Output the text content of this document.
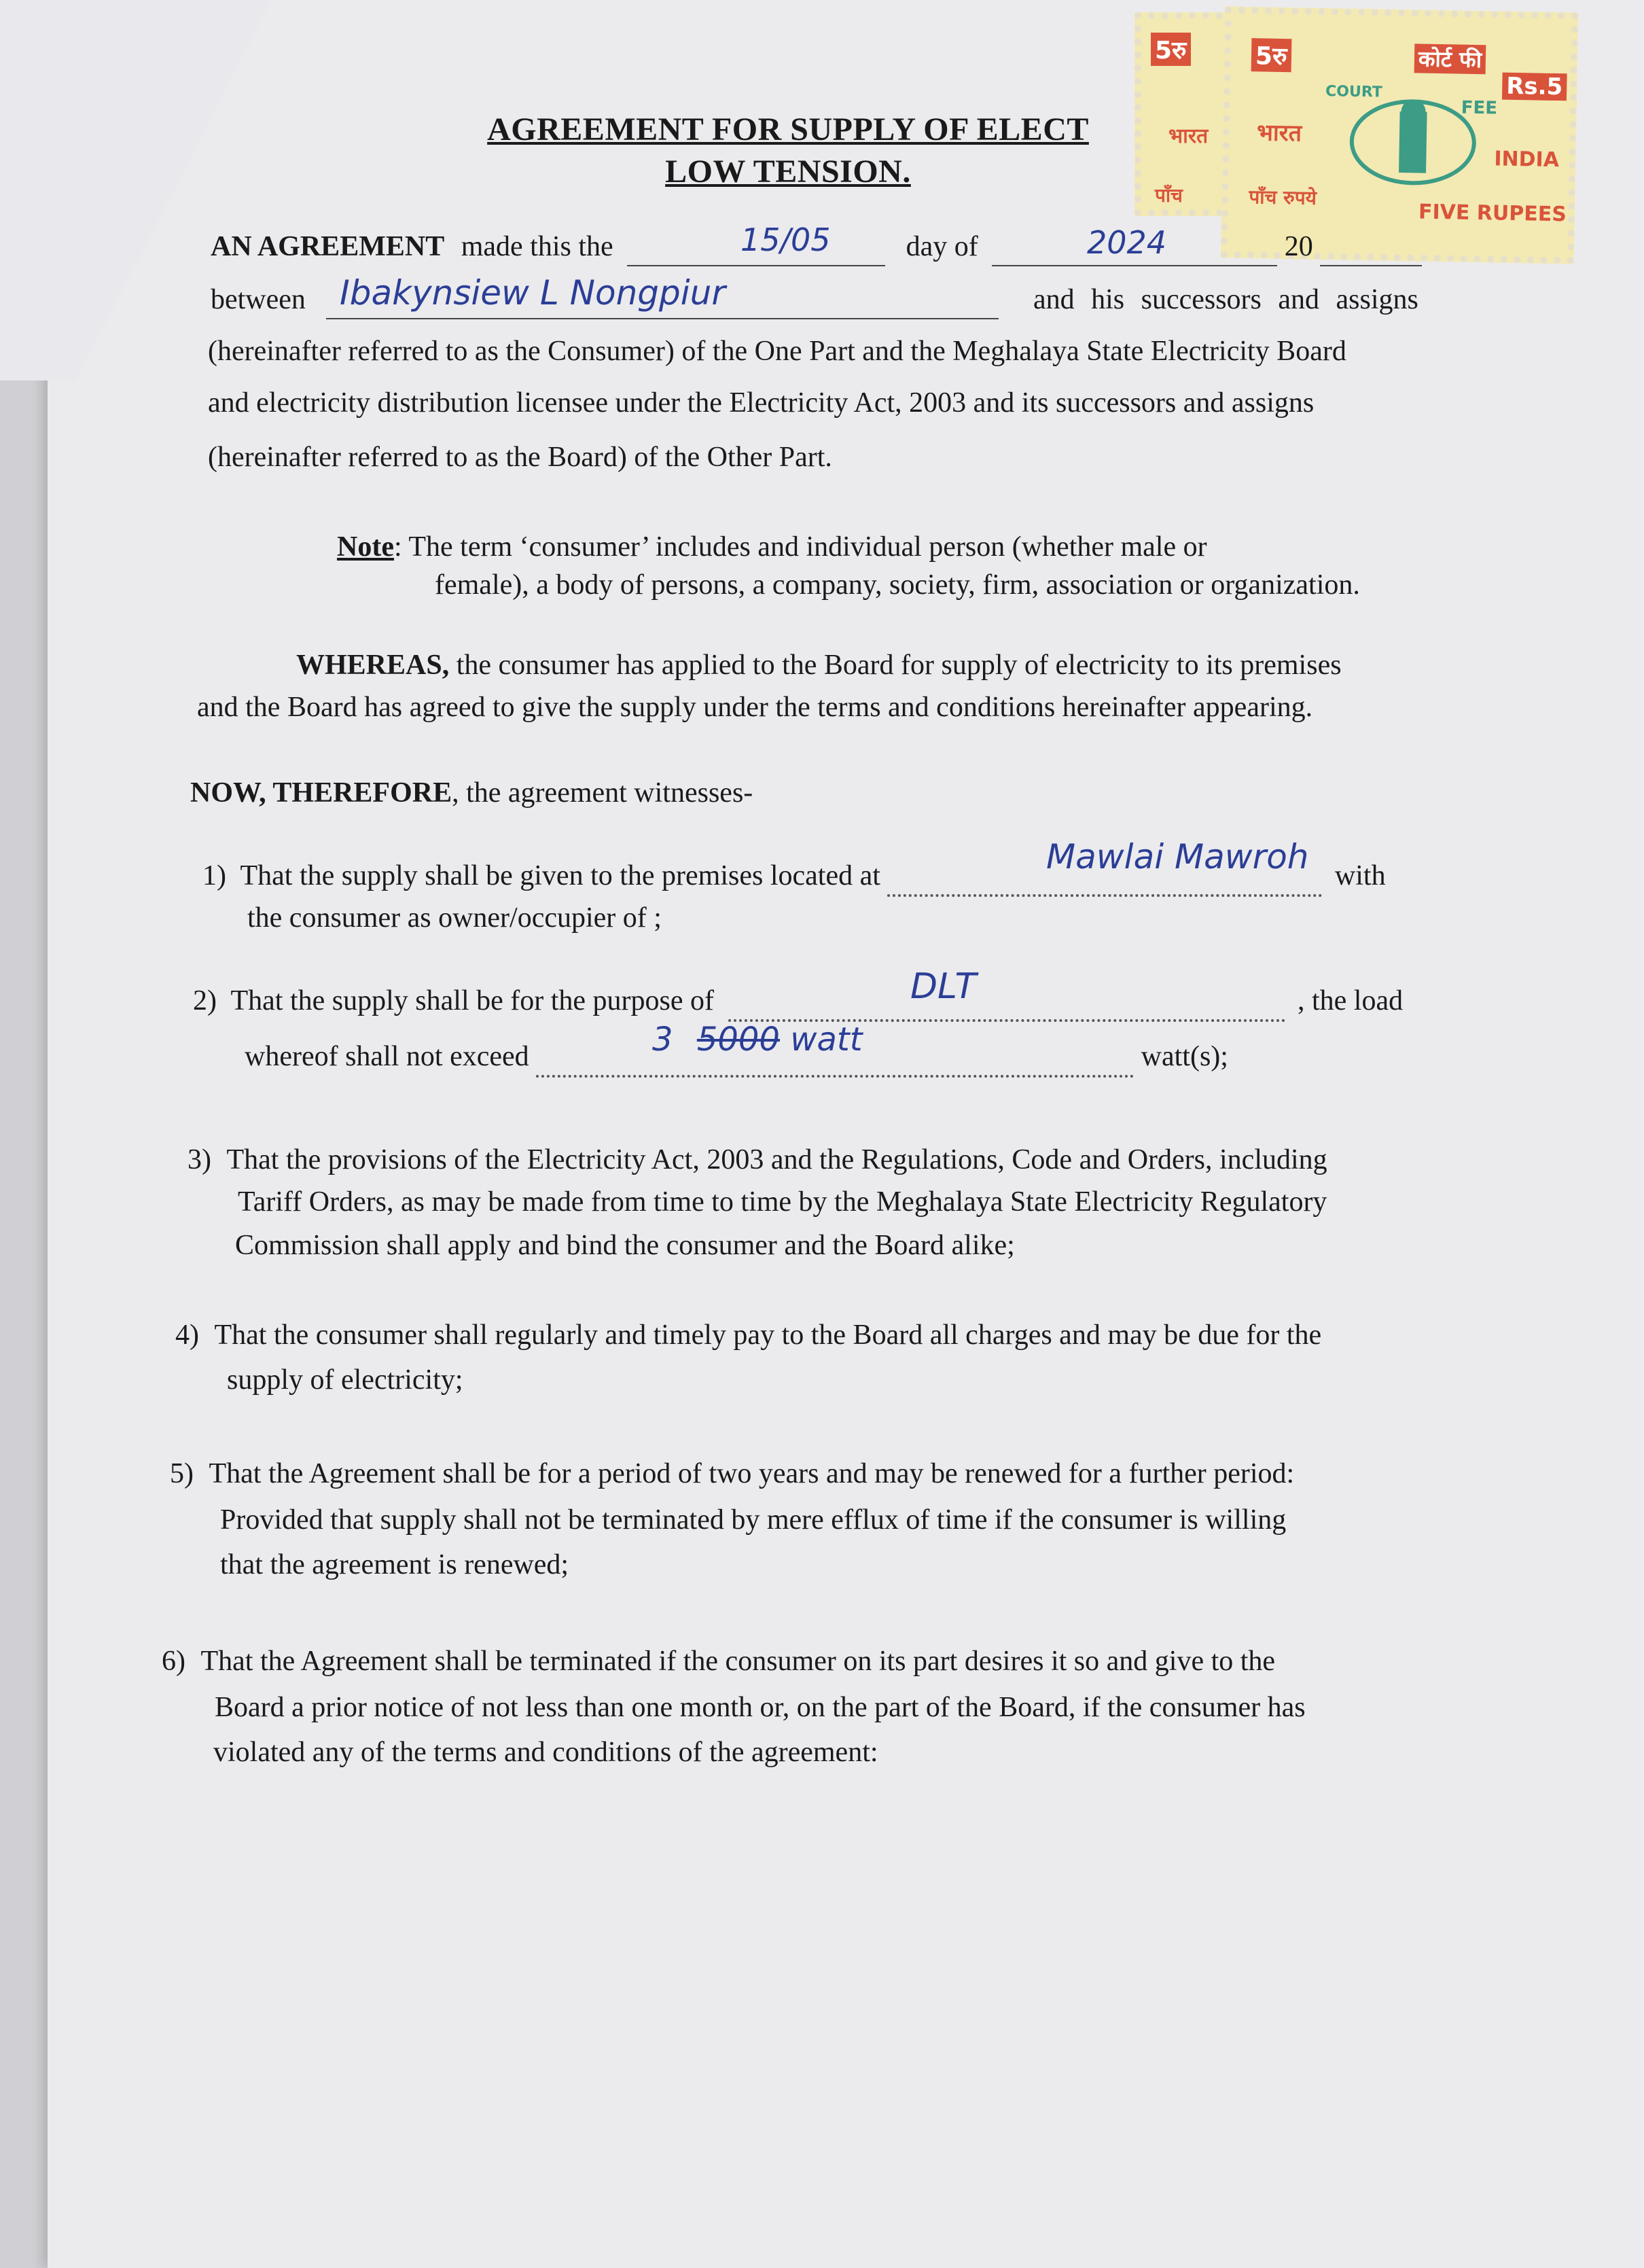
AGREEMENT FOR SUPPLY OF ELECT
LOW TENSION.
5रु
भारत
पाँच
5रु	कोर्ट फी
Rs.5
COURT
भारत
FEE
INDIA
पाँच रुपये
FIVE RUPEES
AN AGREEMENT made this the	day of	20
15/05	2024
between	and his successors and assigns
Ibakynsiew L Nongpiur
(hereinafter referred to as the Consumer) of the One Part and the Meghalaya State Electricity Board
and electricity distribution licensee under the Electricity Act, 2003 and its successors and assigns
(hereinafter referred to as the Board) of the Other Part.
Note: The term ‘consumer’ includes and individual person (whether male or
female), a body of persons, a company, society, firm, association or organization.
WHEREAS, the consumer has applied to the Board for supply of electricity to its premises
and the Board has agreed to give the supply under the terms and conditions hereinafter appearing.
NOW, THEREFORE, the agreement witnesses-
1) That the supply shall be given to the premises located at	with
Mawlai Mawroh
the consumer as owner/occupier of ;
2) That the supply shall be for the purpose of	, the load
DLT
whereof shall not exceed	watt(s);
3 5000 watt
3) That the provisions of the Electricity Act, 2003 and the Regulations, Code and Orders, including
Tariff Orders, as may be made from time to time by the Meghalaya State Electricity Regulatory
Commission shall apply and bind the consumer and the Board alike;
4) That the consumer shall regularly and timely pay to the Board all charges and may be due for the
supply of electricity;
5) That the Agreement shall be for a period of two years and may be renewed for a further period:
Provided that supply shall not be terminated by mere efflux of time if the consumer is willing
that the agreement is renewed;
6) That the Agreement shall be terminated if the consumer on its part desires it so and give to the
Board a prior notice of not less than one month or, on the part of the Board, if the consumer has
violated any of the terms and conditions of the agreement:
